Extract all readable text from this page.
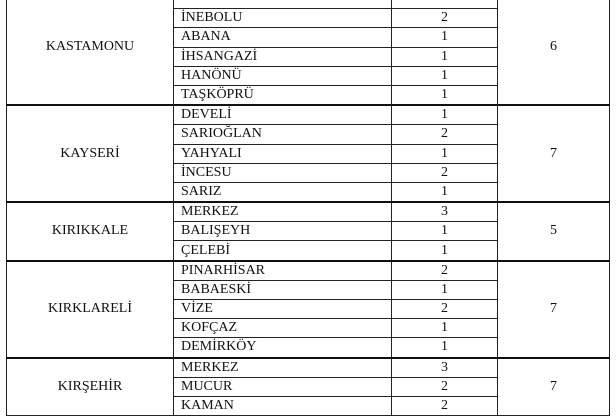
KASTAMONU			6
	İNEBOLU	2	
	ABANA	1	
	İHSANGAZİ	1	
	HANÖNÜ	1	
	TAŞKÖPRÜ	1	
KAYSERİ	DEVELİ	1	7
	SARIOĞLAN	2	
	YAHYALI	1	
	İNCESU	2	
	SARIZ	1	
KIRIKKALE	MERKEZ	3	5
	BALIŞEYH	1	
	ÇELEBİ	1	
KIRKLARELİ	PINARHİSAR	2	7
	BABAESKİ	1	
	VİZE	2	
	KOFÇAZ	1	
	DEMİRKÖY	1	
KIRŞEHİR	MERKEZ	3	7
	MUCUR	2	
	KAMAN	2	
